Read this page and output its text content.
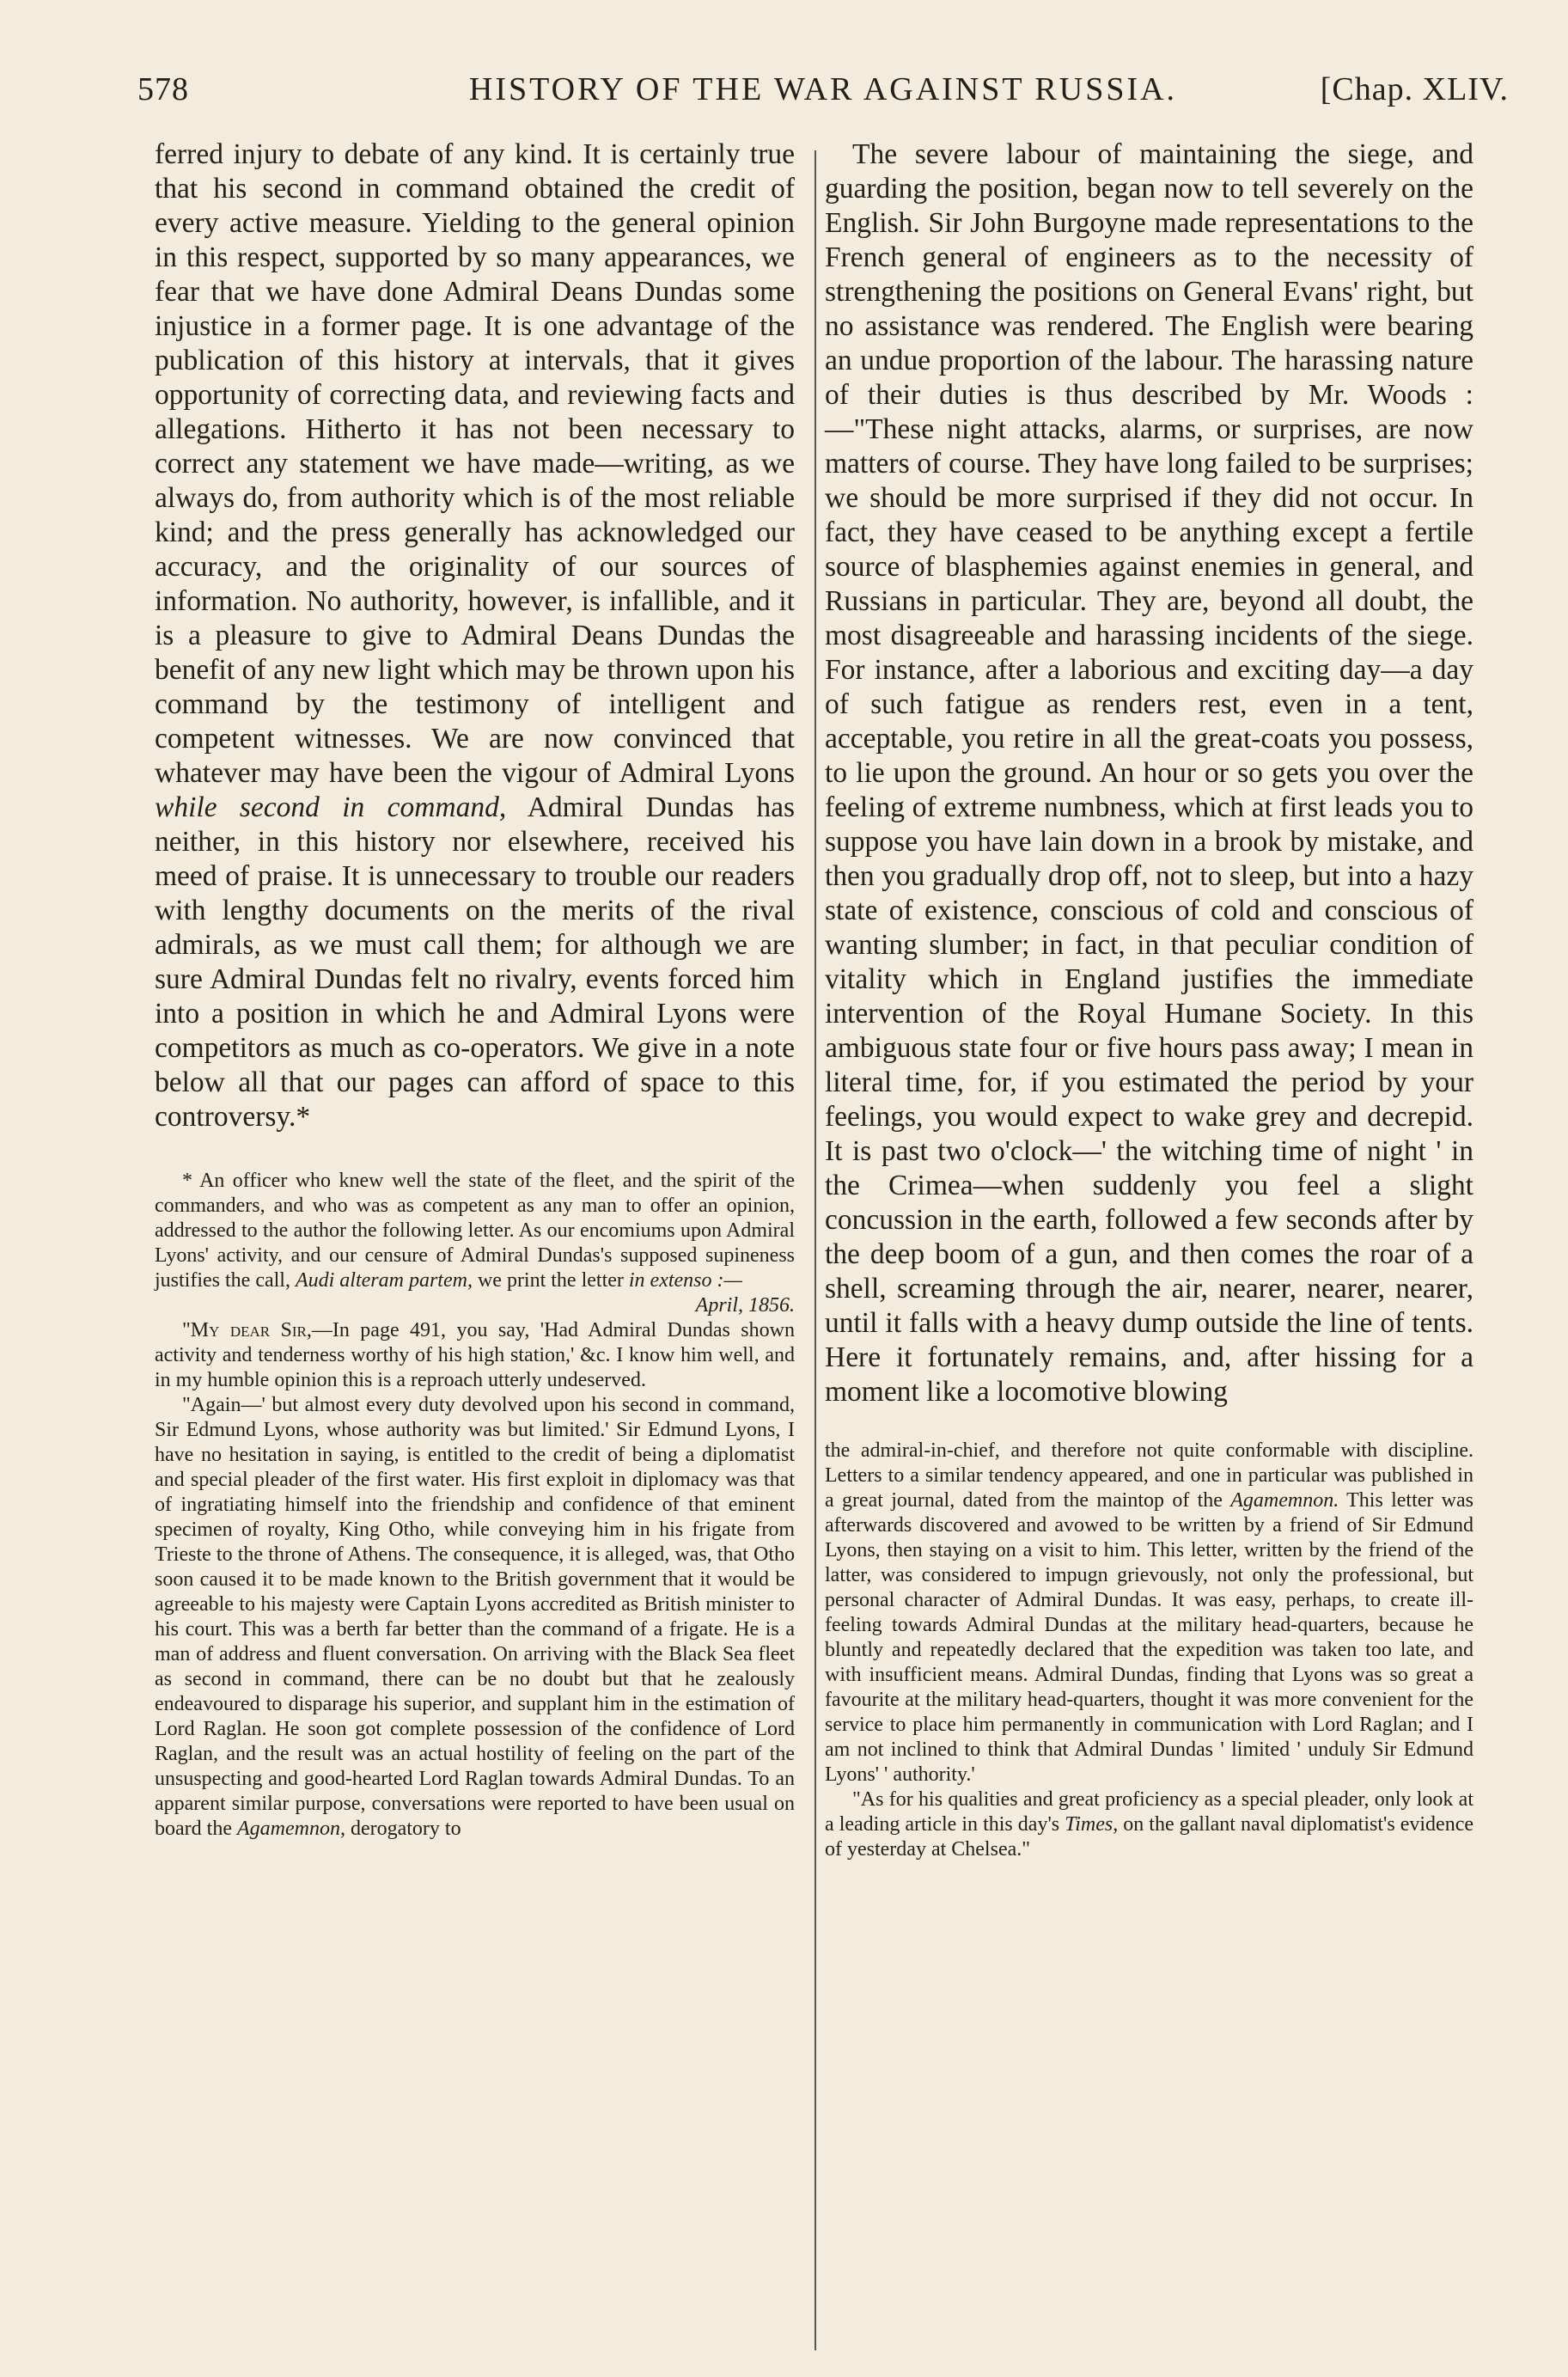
578	HISTORY OF THE WAR AGAINST RUSSIA.	[Chap. XLIV.

ferred injury to debate of any kind. It is certainly true that his second in command obtained the credit of every active measure. Yielding to the general opinion in this respect, supported by so many appearances, we fear that we have done Admiral Deans Dundas some injustice in a former page. It is one advantage of the publication of this history at intervals, that it gives opportunity of correcting data, and reviewing facts and allegations. Hitherto it has not been necessary to correct any statement we have made—writing, as we always do, from authority which is of the most reliable kind; and the press generally has acknowledged our accuracy, and the originality of our sources of information. No authority, however, is infallible, and it is a pleasure to give to Admiral Deans Dundas the benefit of any new light which may be thrown upon his command by the testimony of intelligent and competent witnesses. We are now convinced that whatever may have been the vigour of Admiral Lyons while second in command, Admiral Dundas has neither, in this history nor elsewhere, received his meed of praise. It is unnecessary to trouble our readers with lengthy documents on the merits of the rival admirals, as we must call them; for although we are sure Admiral Dundas felt no rivalry, events forced him into a position in which he and Admiral Lyons were competitors as much as co-operators. We give in a note below all that our pages can afford of space to this controversy.*

* An officer who knew well the state of the fleet, and the spirit of the commanders, and who was as competent as any man to offer an opinion, addressed to the author the following letter. As our encomiums upon Admiral Lyons' activity, and our censure of Admiral Dundas's supposed supineness justifies the call, Audi alteram partem, we print the letter in extenso :—

April, 1856.

"My dear Sir,—In page 491, you say, 'Had Admiral Dundas shown activity and tenderness worthy of his high station,' &c. I know him well, and in my humble opinion this is a reproach utterly undeserved.

"Again—' but almost every duty devolved upon his second in command, Sir Edmund Lyons, whose authority was but limited.' Sir Edmund Lyons, I have no hesitation in saying, is entitled to the credit of being a diplomatist and special pleader of the first water. His first exploit in diplomacy was that of ingratiating himself into the friendship and confidence of that eminent specimen of royalty, King Otho, while conveying him in his frigate from Trieste to the throne of Athens. The consequence, it is alleged, was, that Otho soon caused it to be made known to the British government that it would be agreeable to his majesty were Captain Lyons accredited as British minister to his court. This was a berth far better than the command of a frigate. He is a man of address and fluent conversation. On arriving with the Black Sea fleet as second in command, there can be no doubt but that he zealously endeavoured to disparage his superior, and supplant him in the estimation of Lord Raglan. He soon got complete possession of the confidence of Lord Raglan, and the result was an actual hostility of feeling on the part of the unsuspecting and good-hearted Lord Raglan towards Admiral Dundas. To an apparent similar purpose, conversations were reported to have been usual on board the Agamemnon, derogatory to

The severe labour of maintaining the siege, and guarding the position, began now to tell severely on the English. Sir John Burgoyne made representations to the French general of engineers as to the necessity of strengthening the positions on General Evans' right, but no assistance was rendered. The English were bearing an undue proportion of the labour. The harassing nature of their duties is thus described by Mr. Woods :—"These night attacks, alarms, or surprises, are now matters of course. They have long failed to be surprises; we should be more surprised if they did not occur. In fact, they have ceased to be anything except a fertile source of blasphemies against enemies in general, and Russians in particular. They are, beyond all doubt, the most disagreeable and harassing incidents of the siege. For instance, after a laborious and exciting day—a day of such fatigue as renders rest, even in a tent, acceptable, you retire in all the great-coats you possess, to lie upon the ground. An hour or so gets you over the feeling of extreme numbness, which at first leads you to suppose you have lain down in a brook by mistake, and then you gradually drop off, not to sleep, but into a hazy state of existence, conscious of cold and conscious of wanting slumber; in fact, in that peculiar condition of vitality which in England justifies the immediate intervention of the Royal Humane Society. In this ambiguous state four or five hours pass away; I mean in literal time, for, if you estimated the period by your feelings, you would expect to wake grey and decrepid. It is past two o'clock—' the witching time of night ' in the Crimea—when suddenly you feel a slight concussion in the earth, followed a few seconds after by the deep boom of a gun, and then comes the roar of a shell, screaming through the air, nearer, nearer, nearer, until it falls with a heavy dump outside the line of tents. Here it fortunately remains, and, after hissing for a moment like a locomotive blowing

the admiral-in-chief, and therefore not quite conformable with discipline. Letters to a similar tendency appeared, and one in particular was published in a great journal, dated from the maintop of the Agamemnon. This letter was afterwards discovered and avowed to be written by a friend of Sir Edmund Lyons, then staying on a visit to him. This letter, written by the friend of the latter, was considered to impugn grievously, not only the professional, but personal character of Admiral Dundas. It was easy, perhaps, to create ill-feeling towards Admiral Dundas at the military head-quarters, because he bluntly and repeatedly declared that the expedition was taken too late, and with insufficient means. Admiral Dundas, finding that Lyons was so great a favourite at the military head-quarters, thought it was more convenient for the service to place him permanently in communication with Lord Raglan; and I am not inclined to think that Admiral Dundas ' limited ' unduly Sir Edmund Lyons' ' authority.'

"As for his qualities and great proficiency as a special pleader, only look at a leading article in this day's Times, on the gallant naval diplomatist's evidence of yesterday at Chelsea."
